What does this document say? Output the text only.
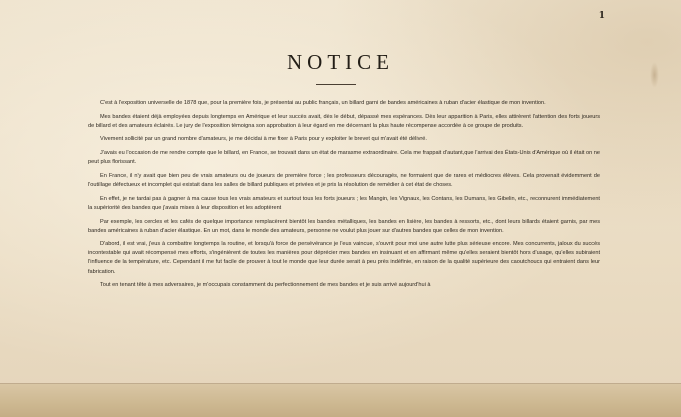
1
NOTICE

C'est à l'exposition universelle de 1878 que, pour la première fois, je présentai au public français, un billard garni de bandes américaines à ruban d'acier élastique de mon invention.

Mes bandes étaient déjà employées depuis longtemps en Amérique et leur succès avait, dès le début, dépassé mes espérances. Dès leur apparition à Paris, elles attirèrent l'attention des forts joueurs de billard et des amateurs éclairés. Le jury de l'exposition témoigna son approbation à leur égard en me décernant la plus haute récompense accordée à ce groupe de produits.

Vivement sollicité par un grand nombre d'amateurs, je me décidai à me fixer à Paris pour y exploiter le brevet qui m'avait été délivré.

J'avais eu l'occasion de me rendre compte que le billard, en France, se trouvait dans un état de marasme extraordinaire. Cela me frappait d'autant,que l'arrivai des États-Unis d'Amérique où il était on ne peut plus florissant.

En France, il n'y avait que bien peu de vrais amateurs ou de joueurs de première force ; les professeurs découragés, ne formaient que de rares et médiocres élèves. Cela provenait évidemment de l'outillage défectueux et incomplet qui existait dans les salles de billard publiques et privées et je pris la résolution de remédier à cet état de choses.

En effet, je ne tardai pas à gagner à ma cause tous les vrais amateurs et surtout tous les forts joueurs ; les Mangin, les Vignaux, les Contans, les Dumans, les Gibelin, etc., reconnurent immédiatement la supériorité des bandes que j'avais mises à leur disposition et les adoptèrent

Par exemple, les cercles et les cafés de quelque importance remplacèrent bientôt les bandes métalliques, les bandes en lisière, les bandes à ressorts, etc., dont leurs billards étaient garnis, par mes bandes américaines à ruban d'acier élastique. En un mot, dans le monde des amateurs, personne ne voulut plus jouer sur d'autres bandes que celles de mon invention.

D'abord, il est vrai, j'eus à combattre longtemps la routine, et lorsqu'à force de persévérance je l'eus vaincue, s'ouvrit pour moi une autre lutte plus sérieuse encore. Mes concurrents, jaloux du succès incontestable qui avait récompensé mes efforts, s'ingénièrent de toutes les manières pour déprécier mes bandes en insinuant et en affirmant même qu'elles seraient bientôt hors d'usage, qu'elles subiraient l'influence de la température, etc. Cependant il me fut facile de prouver à tout le monde que leur durée serait à peu près indéfinie, en raison de la qualité supérieure des caoutchoucs qui entraient dans leur fabrication.

Tout en tenant tête à mes adversaires, je m'occupais constamment du perfectionnement de mes bandes et je suis arrivé aujourd'hui à
